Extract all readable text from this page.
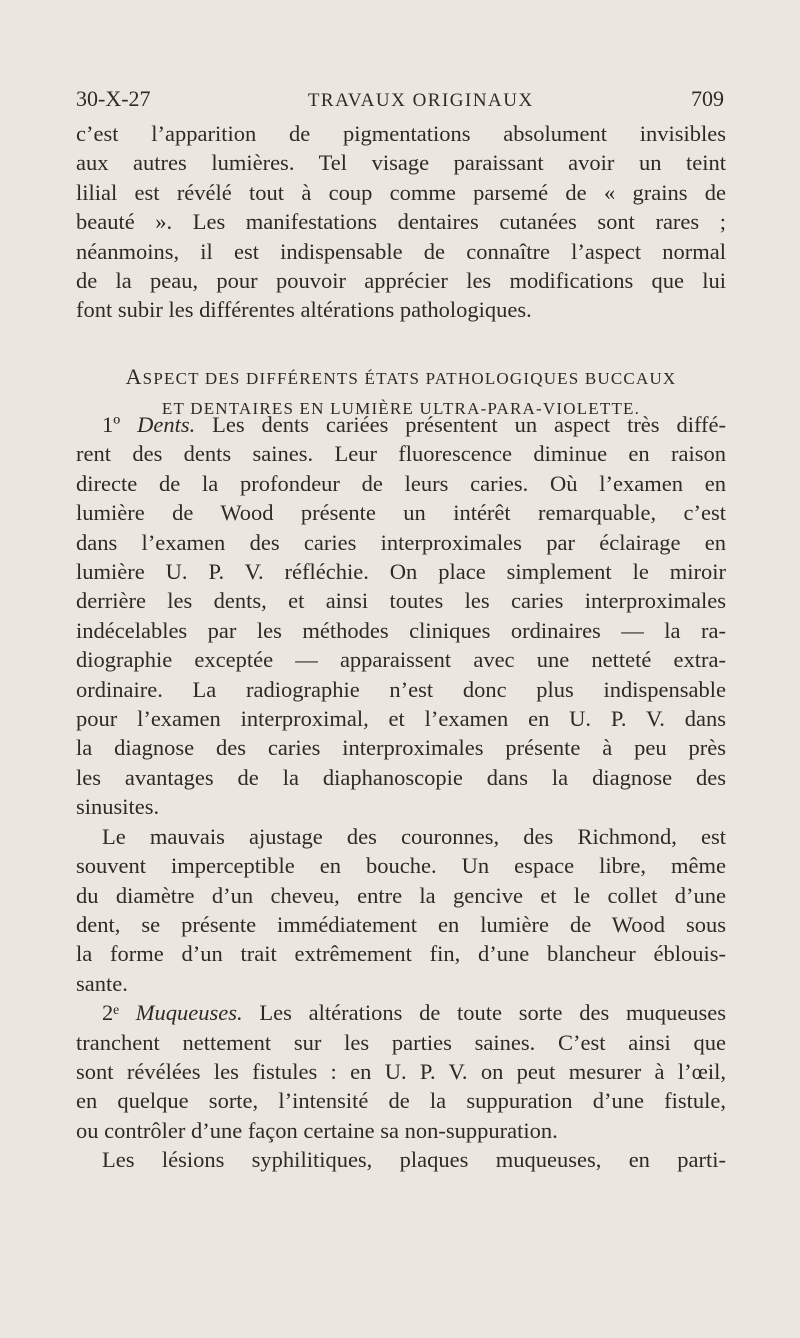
30-X-27	TRAVAUX ORIGINAUX	709

c’est l’apparition de pigmentations absolument invisibles
aux autres lumières. Tel visage paraissant avoir un teint
lilial est révélé tout à coup comme parsemé de « grains de
beauté ». Les manifestations dentaires cutanées sont rares ;
néanmoins, il est indispensable de connaître l’aspect normal
de la peau, pour pouvoir apprécier les modifications que lui
font subir les différentes altérations pathologiques.

ASPECT DES DIFFÉRENTS ÉTATS PATHOLOGIQUES BUCCAUX
ET DENTAIRES EN LUMIÈRE ULTRA-PARA-VIOLETTE.

1º Dents. Les dents cariées présentent un aspect très diffé-
rent des dents saines. Leur fluorescence diminue en raison
directe de la profondeur de leurs caries. Où l’examen en
lumière de Wood présente un intérêt remarquable, c’est
dans l’examen des caries interproximales par éclairage en
lumière U. P. V. réfléchie. On place simplement le miroir
derrière les dents, et ainsi toutes les caries interproximales
indécelables par les méthodes cliniques ordinaires — la ra-
diographie exceptée — apparaissent avec une netteté extra-
ordinaire. La radiographie n’est donc plus indispensable
pour l’examen interproximal, et l’examen en U. P. V. dans
la diagnose des caries interproximales présente à peu près
les avantages de la diaphanoscopie dans la diagnose des
sinusites.

Le mauvais ajustage des couronnes, des Richmond, est
souvent imperceptible en bouche. Un espace libre, même
du diamètre d’un cheveu, entre la gencive et le collet d’une
dent, se présente immédiatement en lumière de Wood sous
la forme d’un trait extrêmement fin, d’une blancheur éblouis-
sante.

2ᵉ Muqueuses. Les altérations de toute sorte des muqueuses
tranchent nettement sur les parties saines. C’est ainsi que
sont révélées les fistules : en U. P. V. on peut mesurer à l’œil,
en quelque sorte, l’intensité de la suppuration d’une fistule,
ou contrôler d’une façon certaine sa non-suppuration.

Les lésions syphilitiques, plaques muqueuses, en parti-
